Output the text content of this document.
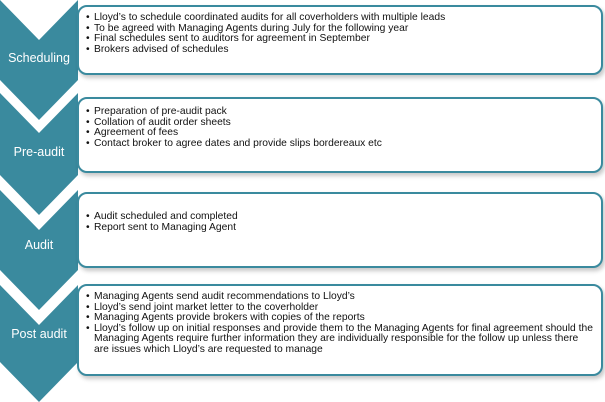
Scheduling
Pre-audit
Audit
Post audit
• Lloyd’s to schedule coordinated audits for all coverholders with multiple leads
• To be agreed with Managing Agents during July for the following year
• Final schedules sent to auditors for agreement in September
• Brokers advised of schedules
• Preparation of pre-audit pack
• Collation of audit order sheets
• Agreement of fees
• Contact broker to agree dates and provide slips bordereaux etc
• Audit scheduled and completed
• Report sent to Managing Agent
• Managing Agents send audit recommendations to Lloyd’s
• Lloyd’s send joint market letter to the coverholder
• Managing Agents provide brokers with copies of the reports
• Lloyd’s follow up on initial responses and provide them to the Managing Agents for final agreement should the Managing Agents require further information they are individually responsible for the follow up unless there are issues which Lloyd’s are requested to manage
